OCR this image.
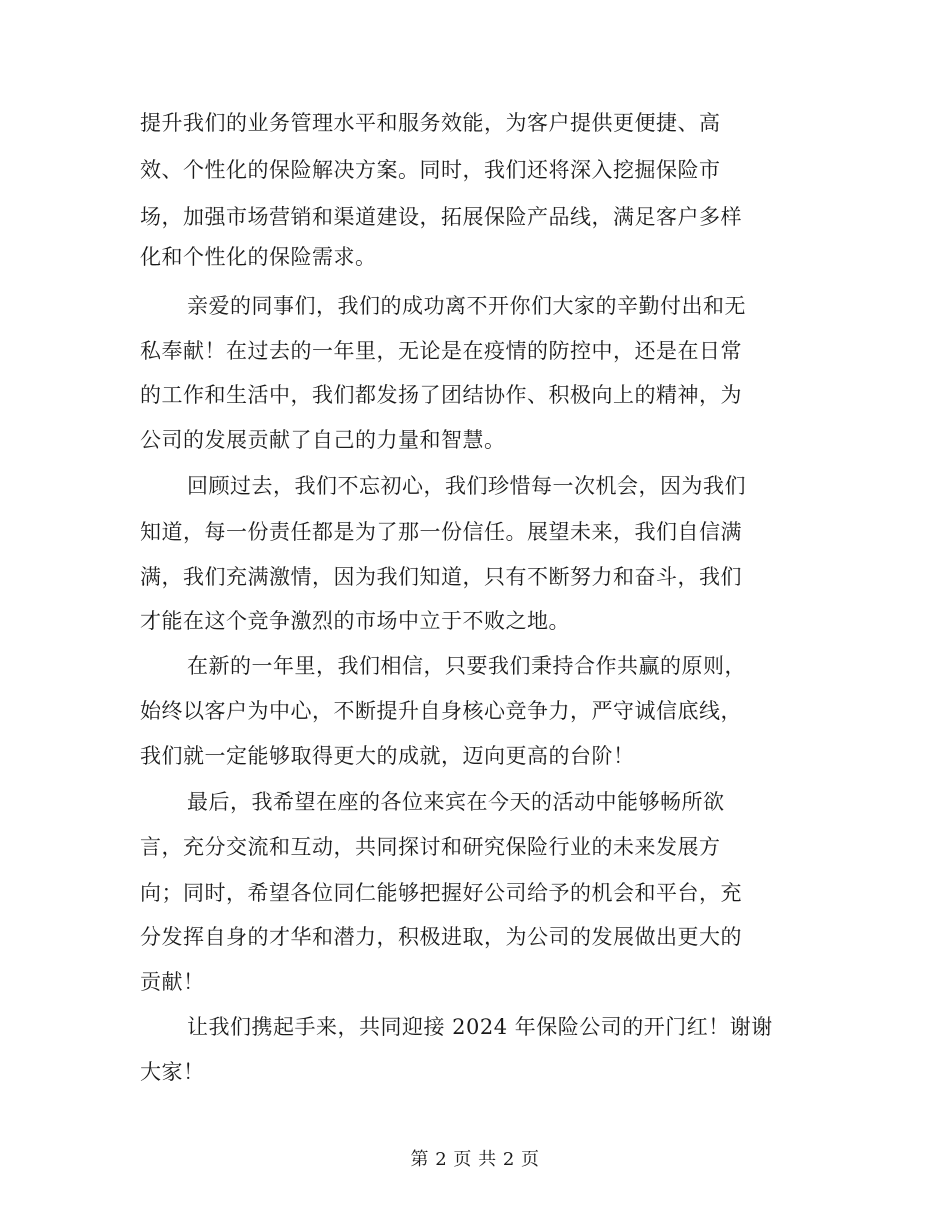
提升我们的业务管理水平和服务效能，为客户提供更便捷、高

效、个性化的保险解决方案。同时，我们还将深入挖掘保险市

场，加强市场营销和渠道建设，拓展保险产品线，满足客户多样

化和个性化的保险需求。

亲爱的同事们，我们的成功离不开你们大家的辛勤付出和无

私奉献！在过去的一年里，无论是在疫情的防控中，还是在日常

的工作和生活中，我们都发扬了团结协作、积极向上的精神，为

公司的发展贡献了自己的力量和智慧。

回顾过去，我们不忘初心，我们珍惜每一次机会，因为我们

知道，每一份责任都是为了那一份信任。展望未来，我们自信满

满，我们充满激情，因为我们知道，只有不断努力和奋斗，我们

才能在这个竞争激烈的市场中立于不败之地。

在新的一年里，我们相信，只要我们秉持合作共赢的原则，

始终以客户为中心，不断提升自身核心竞争力，严守诚信底线，

我们就一定能够取得更大的成就，迈向更高的台阶！

最后，我希望在座的各位来宾在今天的活动中能够畅所欲

言，充分交流和互动，共同探讨和研究保险行业的未来发展方

向；同时，希望各位同仁能够把握好公司给予的机会和平台，充

分发挥自身的才华和潜力，积极进取，为公司的发展做出更大的

贡献！

让我们携起手来，共同迎接 2024 年保险公司的开门红！谢谢

大家！

第 2 页 共 2 页
